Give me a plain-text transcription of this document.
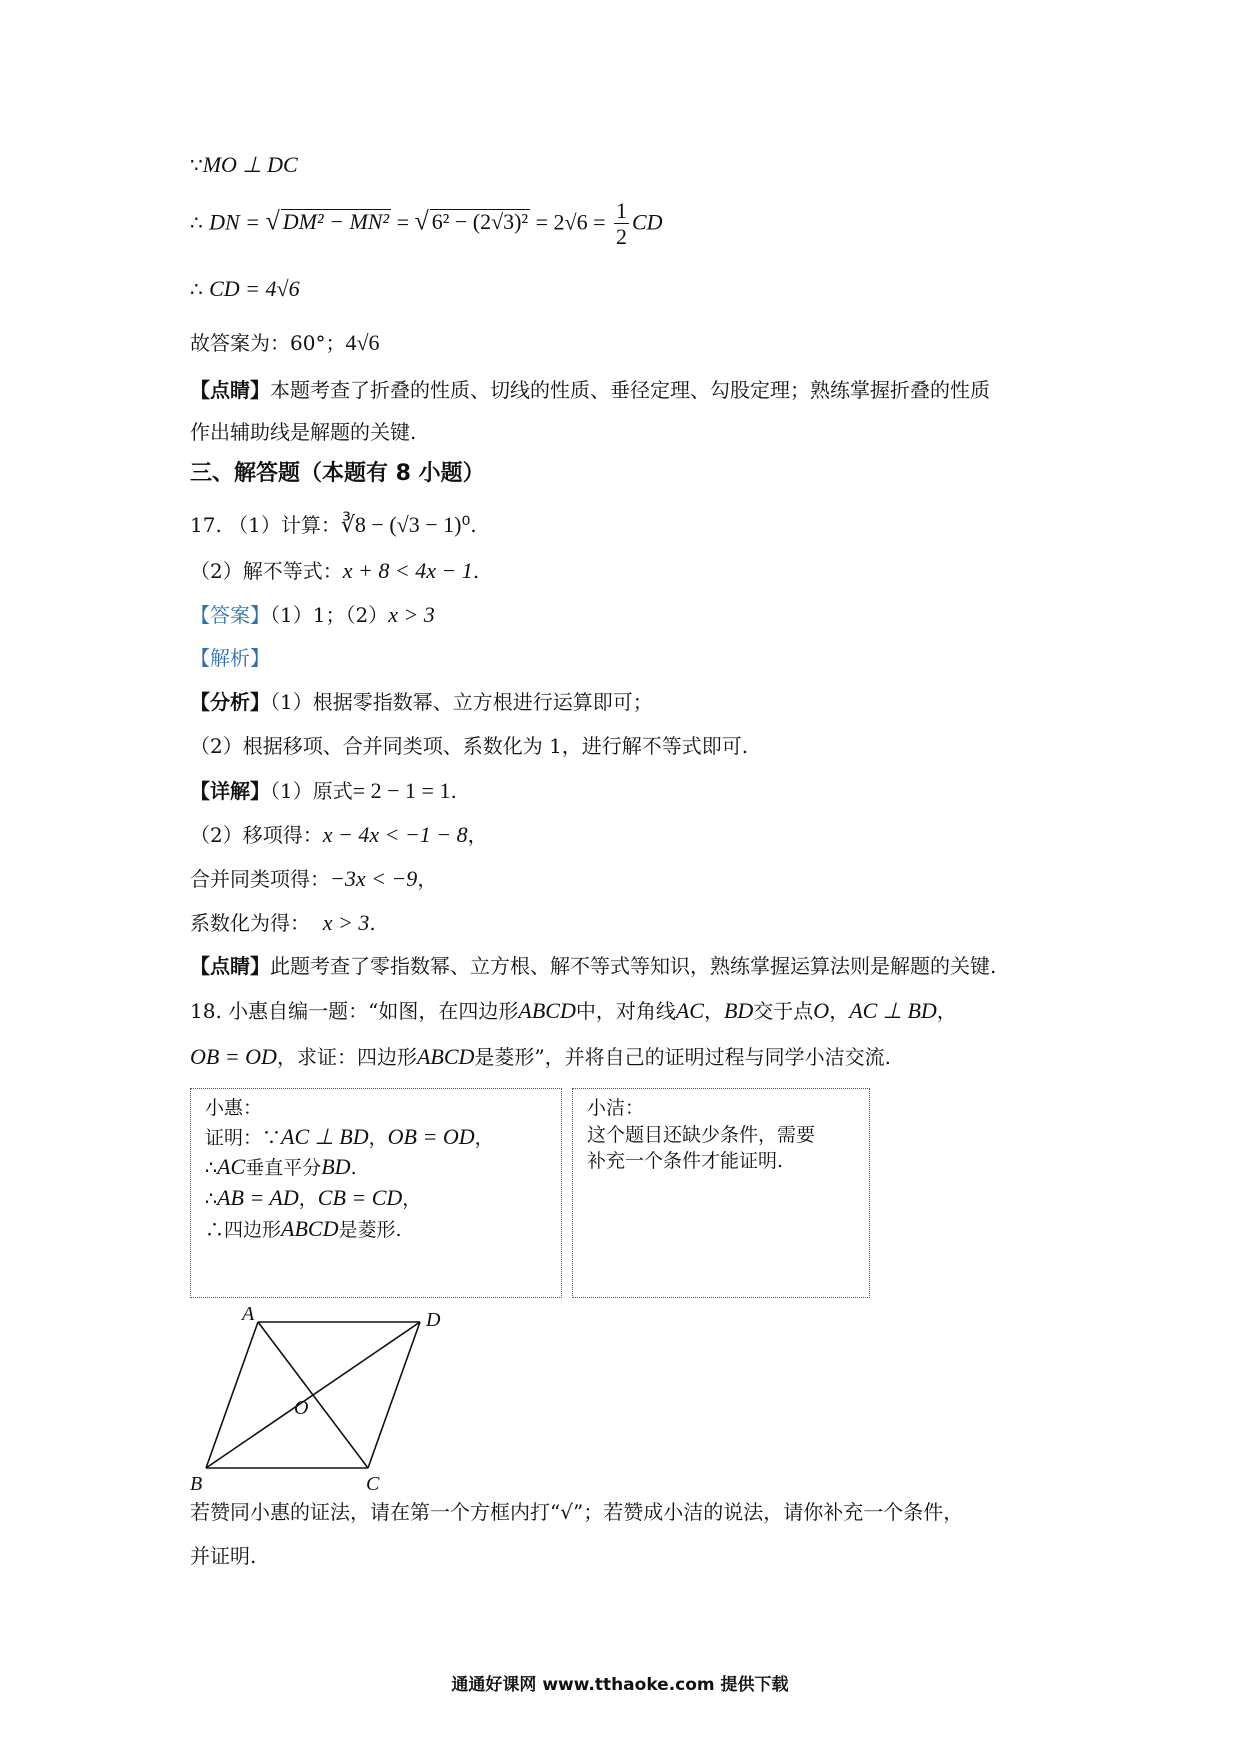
∵MO ⊥ DC
∴ DN = √ DM² − MN² = √ $6^2 - (2√3)^2 = 2√6 = \frac{1}{2}$ CD
∴ CD = 4√6
故答案为：60°；4√6
【点睛】本题考查了折叠的性质、切线的性质、垂径定理、勾股定理；熟练掌握折叠的性质
作出辅助线是解题的关键.
三、解答题（本题有 8 小题）
17. （1）计算：∛8 − (√3 − 1)⁰.
（2）解不等式：x + 8 < 4x − 1.
【答案】（1）1；（2）x > 3
【解析】
【分析】（1）根据零指数幂、立方根进行运算即可；
（2）根据移项、合并同类项、系数化为 1，进行解不等式即可.
【详解】（1）原式= 2 − 1 = 1.
（2）移项得：x − 4x < −1 − 8，
合并同类项得：−3x < −9，
系数化为得： x > 3.
【点睛】此题考查了零指数幂、立方根、解不等式等知识，熟练掌握运算法则是解题的关键.
18. 小惠自编一题：“如图，在四边形ABCD中，对角线AC，BD交于点O，AC ⊥ BD，
OB = OD，求证：四边形ABCD是菱形”，并将自己的证明过程与同学小洁交流.
小惠：
证明：∵AC ⊥ BD，OB = OD，
∴AC垂直平分BD.
∴AB = AD，CB = CD，
∴四边形ABCD是菱形.
小洁：
这个题目还缺少条件，需要
补充一个条件才能证明.
A	D
B	C
O
若赞同小惠的证法，请在第一个方框内打“√”；若赞成小洁的说法，请你补充一个条件，
并证明.
通通好课网 www.tthaoke.com 提供下载
